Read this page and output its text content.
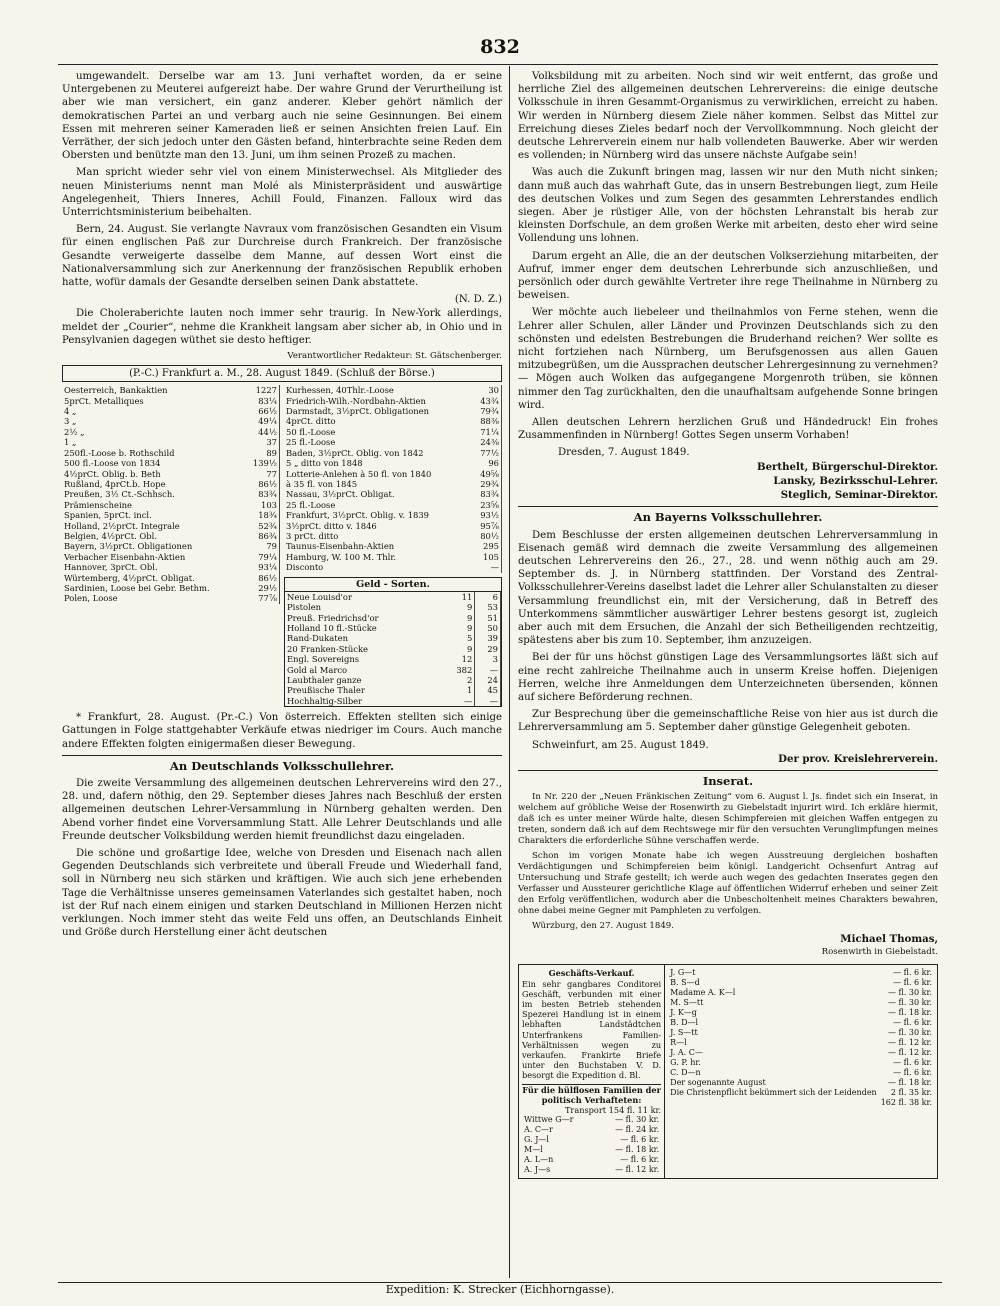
832

umgewandelt. Derselbe war am 13. Juni verhaftet worden, da er seine Untergebenen zu Meuterei aufgereizt habe. Der wahre Grund der Verurtheilung ist aber wie man versichert, ein ganz anderer. Kleber gehört nämlich der demokratischen Partei an und verbarg auch nie seine Gesinnungen. Bei einem Essen mit mehreren seiner Kameraden ließ er seinen Ansichten freien Lauf. Ein Verräther, der sich jedoch unter den Gästen befand, hinterbrachte seine Reden dem Obersten und benützte man den 13. Juni, um ihm seinen Prozeß zu machen.

Man spricht wieder sehr viel von einem Ministerwechsel. Als Mitglieder des neuen Ministeriums nennt man Molé als Ministerpräsident und auswärtige Angelegenheit, Thiers Inneres, Achill Fould, Finanzen. Falloux wird das Unterrichtsministerium beibehalten.

Bern, 24. August. Sie verlangte Navraux vom französischen Gesandten ein Visum für einen englischen Paß zur Durchreise durch Frankreich. Der französische Gesandte verweigerte dasselbe dem Manne, auf dessen Wort einst die Nationalversammlung sich zur Anerkennung der französischen Republik erhoben hatte, wofür damals der Gesandte derselben seinen Dank abstattete.

(N. D. Z.)

Die Choleraberichte lauten noch immer sehr traurig. In New-York allerdings, meldet der „Courier“, nehme die Krankheit langsam aber sicher ab, in Ohio und in Pensylvanien dagegen wüthet sie desto heftiger.

Verantwortlicher Redakteur: St. Gätschenberger.
(P.-C.) Frankfurt a. M., 28. August 1849. (Schluß der Börse.)
Oesterreich, Bankaktien	1227
5prCt. Metalliques	83¼
4 „	66½
3 „	49¼
2½ „	44½
1 „	37
250fl.-Loose b. Rothschild	89
500 fl.-Loose von 1834	139½
4½prCt. Oblig. b. Beth	77
Rußland, 4prCt.b. Hope	86½
Preußen, 3½ Ct.-Schhsch.	83¾
Prämienscheine	103
Spanien, 5prCt. incl.	18¾
Holland, 2½prCt. Integrale	52¾
Belgien, 4½prCt. Obl.	86¾
Bayern, 3½prCt. Obligationen	79
Verbacher Eisenbahn-Aktien	79¼
Hannover, 3prCt. Obl.	93¼
Würtemberg, 4½prCt. Obligat.	86½
Sardinien, Loose bei Gebr. Bethm.	29½
Polen, Loose	77⅞
Kurhessen, 40Thlr.-Loose	30
Friedrich-Wilh.-Nordbahn-Aktien	43¾
Darmstadt, 3½prCt. Obligationen	79¾
4prCt. ditto	88⅜
50 fl.-Loose	71¼
25 fl.-Loose	24⅜
Baden, 3½prCt. Oblig. von 1842	77½
5 „ ditto von 1848	96
Lotterie-Anlehen à 50 fl. von 1840	49⅝
à 35 fl. von 1845	29¾
Nassau, 3½prCt. Obligat.	83¾
25 fl.-Loose	23⅝
Frankfurt, 3½prCt. Oblig. v. 1839	93½
3½prCt. ditto v. 1846	95⅞
3 prCt. ditto	80½
Taunus-Eisenbahn-Aktien	295
Hamburg, W. 100 M. Thlr.	105
Disconto	—
Geld - Sorten.
Neue Louisd'or	11	6
Pistolen	9	53
Preuß. Friedrichsd'or	9	51
Holland 10 fl.-Stücke	9	50
Rand-Dukaten	5	39
20 Franken-Stücke	9	29
Engl. Sovereigns	12	3
Gold al Marco	382	—
Laubthaler ganze	2	24
Preußische Thaler	1	45
Hochhaltig-Silber	—	—

* Frankfurt, 28. August. (Pr.-C.) Von österreich. Effekten stellten sich einige Gattungen in Folge stattgehabter Verkäufe etwas niedriger im Cours. Auch manche andere Effekten folgten einigermaßen dieser Bewegung.

An Deutschlands Volksschullehrer.

Die zweite Versammlung des allgemeinen deutschen Lehrervereins wird den 27., 28. und, dafern nöthig, den 29. September dieses Jahres nach Beschluß der ersten allgemeinen deutschen Lehrer-Versammlung in Nürnberg gehalten werden. Den Abend vorher findet eine Vorversammlung Statt. Alle Lehrer Deutschlands und alle Freunde deutscher Volksbildung werden hiemit freundlichst dazu eingeladen.

Die schöne und großartige Idee, welche von Dresden und Eisenach nach allen Gegenden Deutschlands sich verbreitete und überall Freude und Wiederhall fand, soll in Nürnberg neu sich stärken und kräftigen. Wie auch sich jene erhebenden Tage die Verhältnisse unseres gemeinsamen Vaterlandes sich gestaltet haben, noch ist der Ruf nach einem einigen und starken Deutschland in Millionen Herzen nicht verklungen. Noch immer steht das weite Feld uns offen, an Deutschlands Einheit und Größe durch Herstellung einer ächt deutschen

Volksbildung mit zu arbeiten. Noch sind wir weit entfernt, das große und herrliche Ziel des allgemeinen deutschen Lehrervereins: die einige deutsche Volksschule in ihren Gesammt-Organismus zu verwirklichen, erreicht zu haben. Wir werden in Nürnberg diesem Ziele näher kommen. Selbst das Mittel zur Erreichung dieses Zieles bedarf noch der Vervollkommnung. Noch gleicht der deutsche Lehrerverein einem nur halb vollendeten Bauwerke. Aber wir werden es vollenden; in Nürnberg wird das unsere nächste Aufgabe sein!

Was auch die Zukunft bringen mag, lassen wir nur den Muth nicht sinken; dann muß auch das wahrhaft Gute, das in unsern Bestrebungen liegt, zum Heile des deutschen Volkes und zum Segen des gesammten Lehrerstandes endlich siegen. Aber je rüstiger Alle, von der höchsten Lehranstalt bis herab zur kleinsten Dorfschule, an dem großen Werke mit arbeiten, desto eher wird seine Vollendung uns lohnen.

Darum ergeht an Alle, die an der deutschen Volkserziehung mitarbeiten, der Aufruf, immer enger dem deutschen Lehrerbunde sich anzuschließen, und persönlich oder durch gewählte Vertreter ihre rege Theilnahme in Nürnberg zu beweisen.

Wer möchte auch liebeleer und theilnahmlos von Ferne stehen, wenn die Lehrer aller Schulen, aller Länder und Provinzen Deutschlands sich zu den schönsten und edelsten Bestrebungen die Bruderhand reichen? Wer sollte es nicht fortziehen nach Nürnberg, um Berufsgenossen aus allen Gauen mitzubegrüßen, um die Aussprachen deutscher Lehrergesinnung zu vernehmen? — Mögen auch Wolken das aufgegangene Morgenroth trüben, sie können nimmer den Tag zurückhalten, den die unaufhaltsam aufgehende Sonne bringen wird.

Allen deutschen Lehrern herzlichen Gruß und Händedruck! Ein frohes Zusammenfinden in Nürnberg! Gottes Segen unserm Vorhaben!

Dresden, 7. August 1849.
Berthelt, Bürgerschul-Direktor.
Lansky, Bezirksschul-Lehrer.
Steglich, Seminar-Direktor.
An Bayerns Volksschullehrer.

Dem Beschlusse der ersten allgemeinen deutschen Lehrerversammlung in Eisenach gemäß wird demnach die zweite Versammlung des allgemeinen deutschen Lehrervereins den 26., 27., 28. und wenn nöthig auch am 29. September ds. J. in Nürnberg stattfinden. Der Vorstand des Zentral-Volksschullehrer-Vereins daselbst ladet die Lehrer aller Schulanstalten zu dieser Versammlung freundlichst ein, mit der Versicherung, daß in Betreff des Unterkommens sämmtlicher auswärtiger Lehrer bestens gesorgt ist, zugleich aber auch mit dem Ersuchen, die Anzahl der sich Betheiligenden rechtzeitig, spätestens aber bis zum 10. September, ihm anzuzeigen.

Bei der für uns höchst günstigen Lage des Versammlungsortes läßt sich auf eine recht zahlreiche Theilnahme auch in unserm Kreise hoffen. Diejenigen Herren, welche ihre Anmeldungen dem Unterzeichneten übersenden, können auf sichere Beförderung rechnen.

Zur Besprechung über die gemeinschaftliche Reise von hier aus ist durch die Lehrerversammlung am 5. September daher günstige Gelegenheit geboten.

Schweinfurt, am 25. August 1849.
Der prov. Kreislehrerverein.
Inserat.

In Nr. 220 der „Neuen Fränkischen Zeitung“ vom 6. August l. Js. findet sich ein Inserat, in welchem auf gröbliche Weise der Rosenwirth zu Giebelstadt injurirt wird. Ich erkläre hiermit, daß ich es unter meiner Würde halte, diesen Schimpfereien mit gleichen Waffen entgegen zu treten, sondern daß ich auf dem Rechtswege mir für den versuchten Verunglimpfungen meines Charakters die erforderliche Sühne verschaffen werde.

Schon im vorigen Monate habe ich wegen Ausstreuung dergleichen boshaften Verdächtigungen und Schimpfereien beim königl. Landgericht Ochsenfurt Antrag auf Untersuchung und Strafe gestellt; ich werde auch wegen des gedachten Inserates gegen den Verfasser und Aussteurer gerichtliche Klage auf öffentlichen Widerruf erheben und seiner Zeit den Erfolg veröffentlichen, wodurch aber die Unbescholtenheit meines Charakters bewahren, ohne dabei meine Gegner mit Pamphleten zu verfolgen.

Würzburg, den 27. August 1849.
Michael Thomas,
Rosenwirth in Giebelstadt.
Geschäfts-Verkauf.
Ein sehr gangbares Conditorei Geschäft, verbunden mit einer im besten Betrieb stehenden Spezerei Handlung ist in einem lebhaften Landstädtchen Unterfrankens Familien-Verhältnissen wegen zu verkaufen. Frankirte Briefe unter den Buchstaben V. D. besorgt die Expedition d. Bl.
Für die hülflosen Familien der politisch Verhafteten:
Transport 154 fl. 11 kr.
Wittwe G—r	— fl. 30 kr.
A. C—r	— fl. 24 kr.
G. J—l	— fl. 6 kr.
M—l	— fl. 18 kr.
A. L—n	— fl. 6 kr.
A. J—s	— fl. 12 kr.
J. G—t	— fl. 6 kr.
B. S—d	— fl. 6 kr.
Madame A. K—l	— fl. 30 kr.
M. S—tt	— fl. 30 kr.
J. K—g	— fl. 18 kr.
B. D—l	— fl. 6 kr.
J. S—tt	— fl. 30 kr.
R—l	— fl. 12 kr.
J. A. C—	— fl. 12 kr.
G. P. hr.	— fl. 6 kr.
C. D—n	— fl. 6 kr.
Der sogenannte August	— fl. 18 kr.
Die Christenpflicht bekümmert sich der Leidenden	2 fl. 35 kr.
	162 fl. 38 kr.
Expedition: K. Strecker (Eichhorngasse).
